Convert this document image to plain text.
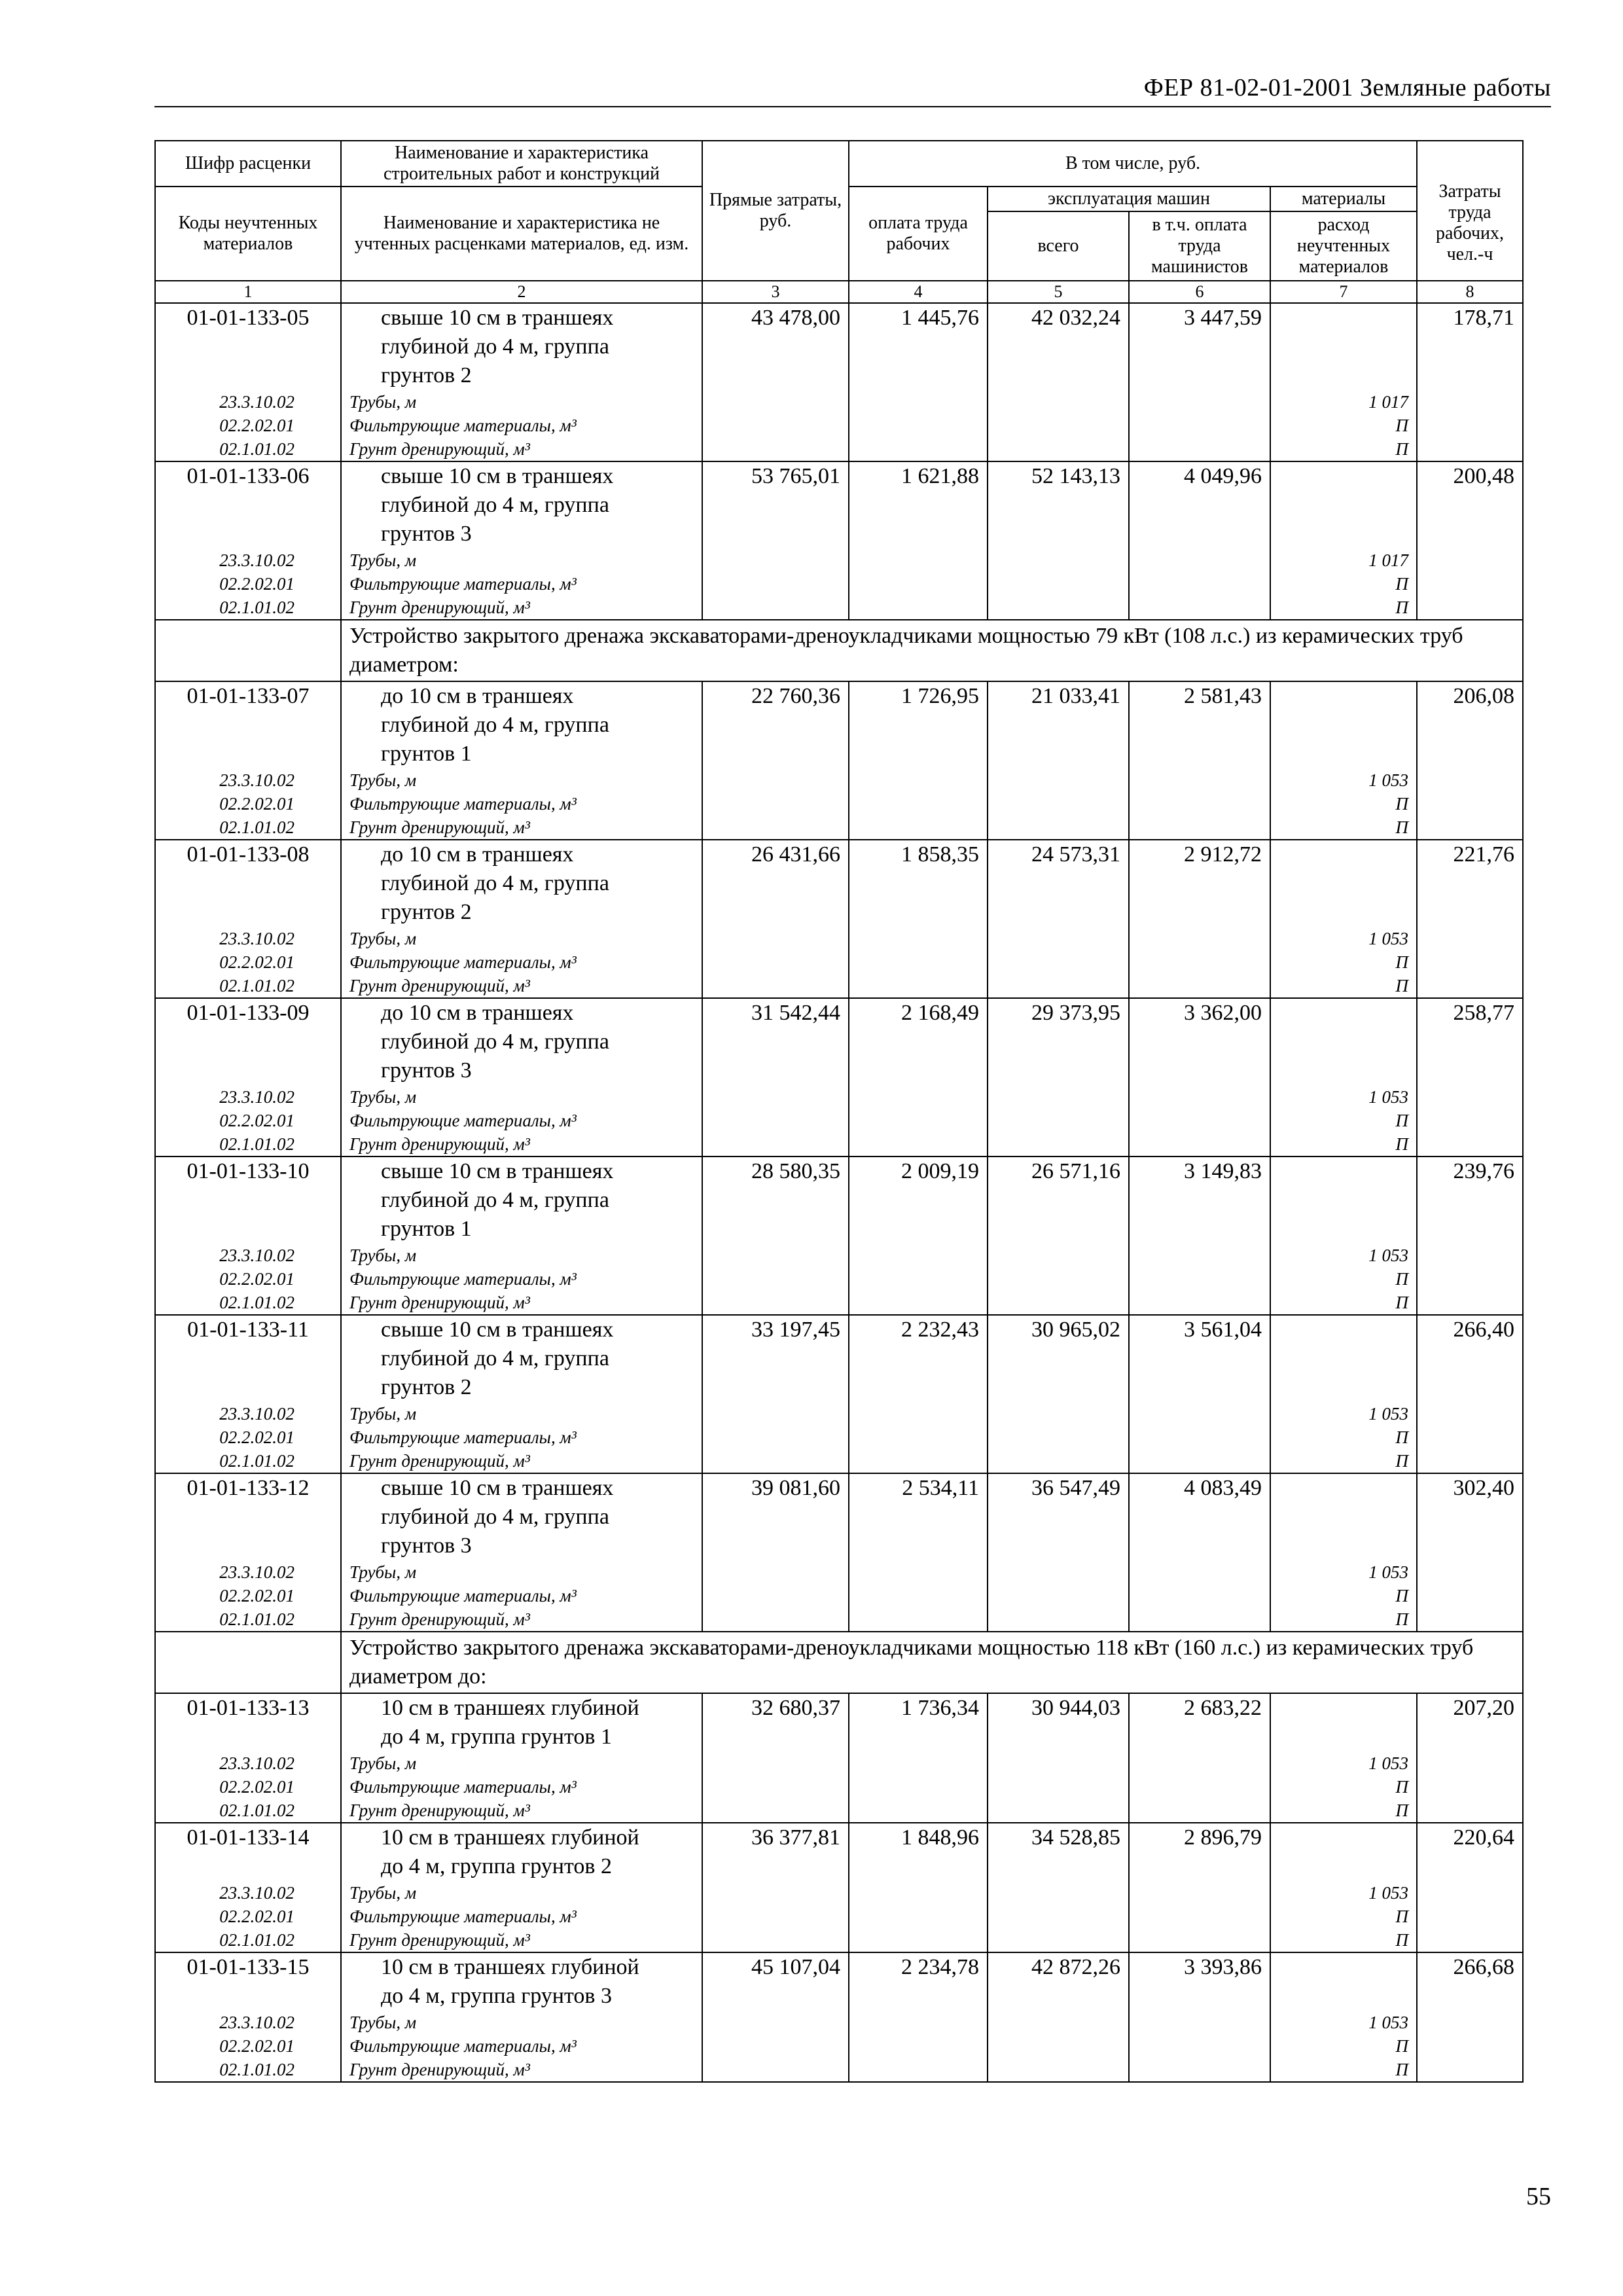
ФЕР 81-02-01-2001 Земляные работы
Шифр расценки	Наименование и характеристика строительных работ и конструкций	Прямые затраты, руб.	В том числе, руб.				Затраты труда рабочих, чел.-ч
Коды неучтенных материалов	Наименование и характеристика не учтенных расценками материалов, ед. изм.		оплата труда рабочих	эксплуатация машин		материалы	
				всего	в т.ч. оплата труда машинистов	расход неучтенных материалов	
1	2	3	4	5	6	7	8
01-01-133-05	свыше 10 см в траншеях
глубиной до 4 м, группа
грунтов 2	43 478,00	1 445,76	42 032,24	3 447,59		178,71
23.3.10.02	Трубы, м					1 017	
02.2.02.01	Фильтрующие материалы, м³					П	
02.1.01.02	Грунт дренирующий, м³					П	
01-01-133-06	свыше 10 см в траншеях
глубиной до 4 м, группа
грунтов 3	53 765,01	1 621,88	52 143,13	4 049,96		200,48
23.3.10.02	Трубы, м					1 017	
02.2.02.01	Фильтрующие материалы, м³					П	
02.1.01.02	Грунт дренирующий, м³					П	
	Устройство закрытого дренажа экскаваторами-дреноукладчиками мощностью 79 кВт (108 л.с.) из керамических труб диаметром:						
01-01-133-07	до 10 см в траншеях
глубиной до 4 м, группа
грунтов 1	22 760,36	1 726,95	21 033,41	2 581,43		206,08
23.3.10.02	Трубы, м					1 053	
02.2.02.01	Фильтрующие материалы, м³					П	
02.1.01.02	Грунт дренирующий, м³					П	
01-01-133-08	до 10 см в траншеях
глубиной до 4 м, группа
грунтов 2	26 431,66	1 858,35	24 573,31	2 912,72		221,76
23.3.10.02	Трубы, м					1 053	
02.2.02.01	Фильтрующие материалы, м³					П	
02.1.01.02	Грунт дренирующий, м³					П	
01-01-133-09	до 10 см в траншеях
глубиной до 4 м, группа
грунтов 3	31 542,44	2 168,49	29 373,95	3 362,00		258,77
23.3.10.02	Трубы, м					1 053	
02.2.02.01	Фильтрующие материалы, м³					П	
02.1.01.02	Грунт дренирующий, м³					П	
01-01-133-10	свыше 10 см в траншеях
глубиной до 4 м, группа
грунтов 1	28 580,35	2 009,19	26 571,16	3 149,83		239,76
23.3.10.02	Трубы, м					1 053	
02.2.02.01	Фильтрующие материалы, м³					П	
02.1.01.02	Грунт дренирующий, м³					П	
01-01-133-11	свыше 10 см в траншеях
глубиной до 4 м, группа
грунтов 2	33 197,45	2 232,43	30 965,02	3 561,04		266,40
23.3.10.02	Трубы, м					1 053	
02.2.02.01	Фильтрующие материалы, м³					П	
02.1.01.02	Грунт дренирующий, м³					П	
01-01-133-12	свыше 10 см в траншеях
глубиной до 4 м, группа
грунтов 3	39 081,60	2 534,11	36 547,49	4 083,49		302,40
23.3.10.02	Трубы, м					1 053	
02.2.02.01	Фильтрующие материалы, м³					П	
02.1.01.02	Грунт дренирующий, м³					П	
	Устройство закрытого дренажа экскаваторами-дреноукладчиками мощностью 118 кВт (160 л.с.) из керамических труб диаметром до:						
01-01-133-13	10 см в траншеях глубиной
до 4 м, группа грунтов 1	32 680,37	1 736,34	30 944,03	2 683,22		207,20
23.3.10.02	Трубы, м					1 053	
02.2.02.01	Фильтрующие материалы, м³					П	
02.1.01.02	Грунт дренирующий, м³					П	
01-01-133-14	10 см в траншеях глубиной
до 4 м, группа грунтов 2	36 377,81	1 848,96	34 528,85	2 896,79		220,64
23.3.10.02	Трубы, м					1 053	
02.2.02.01	Фильтрующие материалы, м³					П	
02.1.01.02	Грунт дренирующий, м³					П	
01-01-133-15	10 см в траншеях глубиной
до 4 м, группа грунтов 3	45 107,04	2 234,78	42 872,26	3 393,86		266,68
23.3.10.02	Трубы, м					1 053	
02.2.02.01	Фильтрующие материалы, м³					П	
02.1.01.02	Грунт дренирующий, м³					П	
55
